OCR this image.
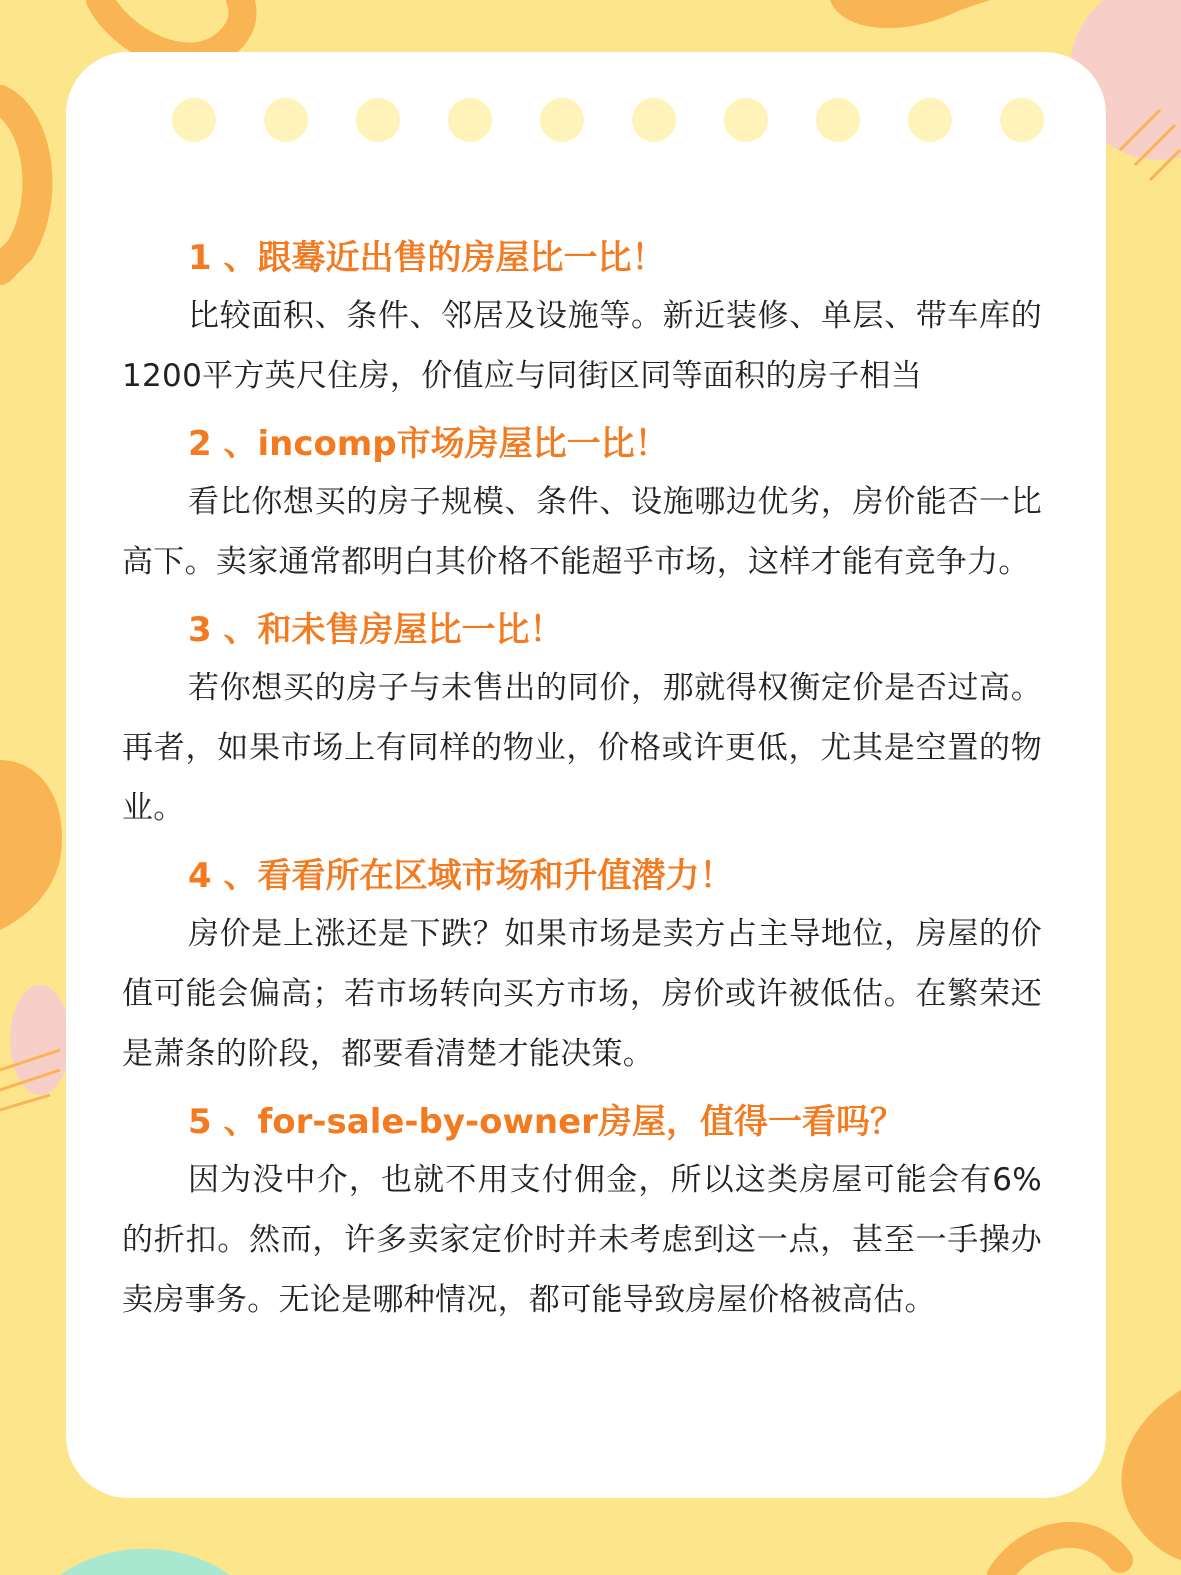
1 、跟蓦近出售的房屋比一比！

比较面积、条件、邻居及设施等。新近装修、单层、带车库的1200平方英尺住房，价值应与同街区同等面积的房子相当

2 、incomp市场房屋比一比！

看比你想买的房子规模、条件、设施哪边优劣，房价能否一比高下。卖家通常都明白其价格不能超乎市场，这样才能有竞争力。

3 、和未售房屋比一比！

若你想买的房子与未售出的同价，那就得权衡定价是否过高。再者，如果市场上有同样的物业，价格或许更低，尤其是空置的物业。

4 、看看所在区域市场和升值潜力！

房价是上涨还是下跌？如果市场是卖方占主导地位，房屋的价值可能会偏高；若市场转向买方市场，房价或许被低估。在繁荣还是萧条的阶段，都要看清楚才能决策。

5 、for-sale-by-owner房屋，值得一看吗？

因为没中介，也就不用支付佣金，所以这类房屋可能会有6%的折扣。然而，许多卖家定价时并未考虑到这一点，甚至一手操办卖房事务。无论是哪种情况，都可能导致房屋价格被高估。
